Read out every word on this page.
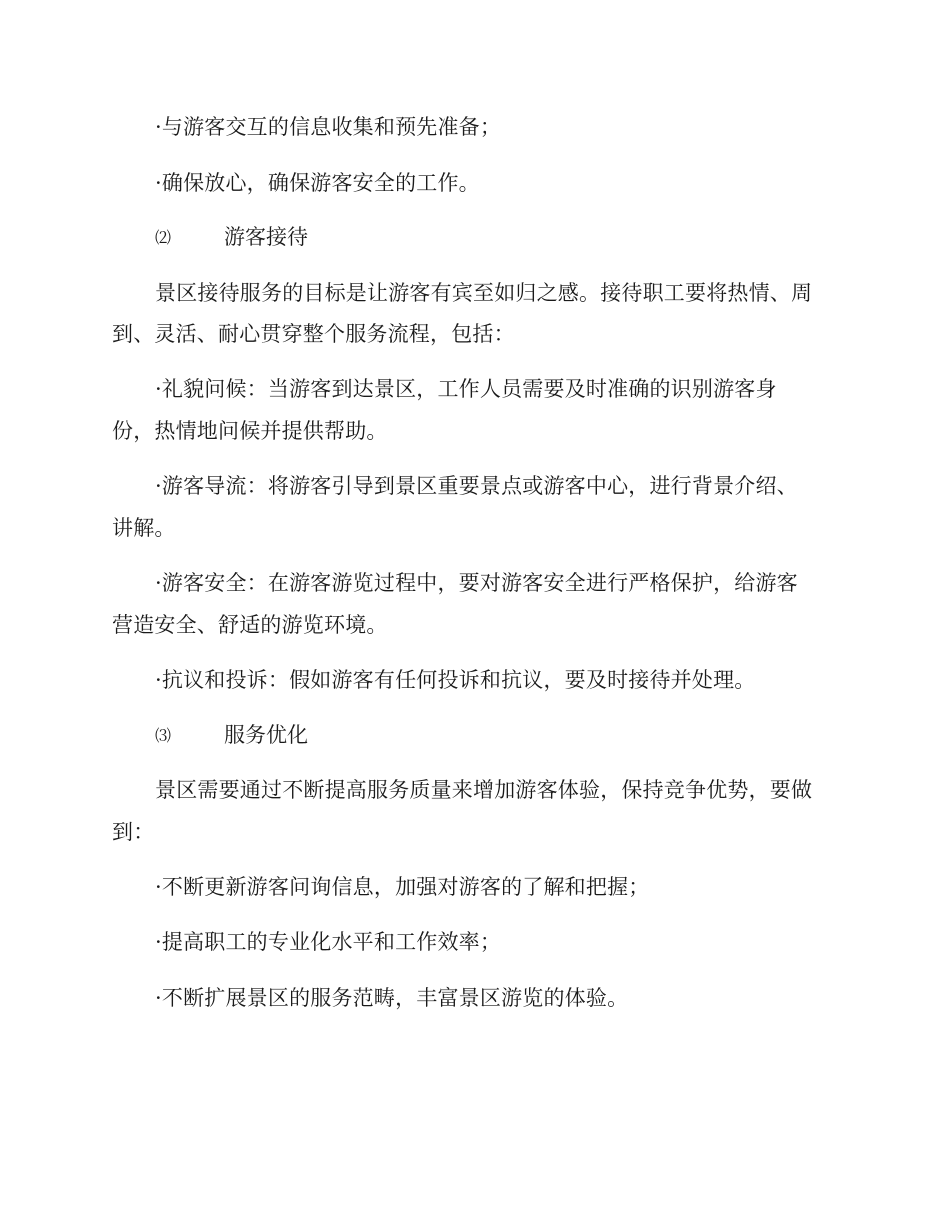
·与游客交互的信息收集和预先准备；
·确保放心，确保游客安全的工作。
⑵	游客接待
景区接待服务的目标是让游客有宾至如归之感。接待职工要将热情、周
到、灵活、耐心贯穿整个服务流程，包括：
·礼貌问候：当游客到达景区，工作人员需要及时准确的识别游客身
份，热情地问候并提供帮助。
·游客导流：将游客引导到景区重要景点或游客中心，进行背景介绍、
讲解。
·游客安全：在游客游览过程中，要对游客安全进行严格保护，给游客
营造安全、舒适的游览环境。
·抗议和投诉：假如游客有任何投诉和抗议，要及时接待并处理。
⑶	服务优化
景区需要通过不断提高服务质量来增加游客体验，保持竞争优势，要做
到：
·不断更新游客问询信息，加强对游客的了解和把握；
·提高职工的专业化水平和工作效率；
·不断扩展景区的服务范畴，丰富景区游览的体验。
